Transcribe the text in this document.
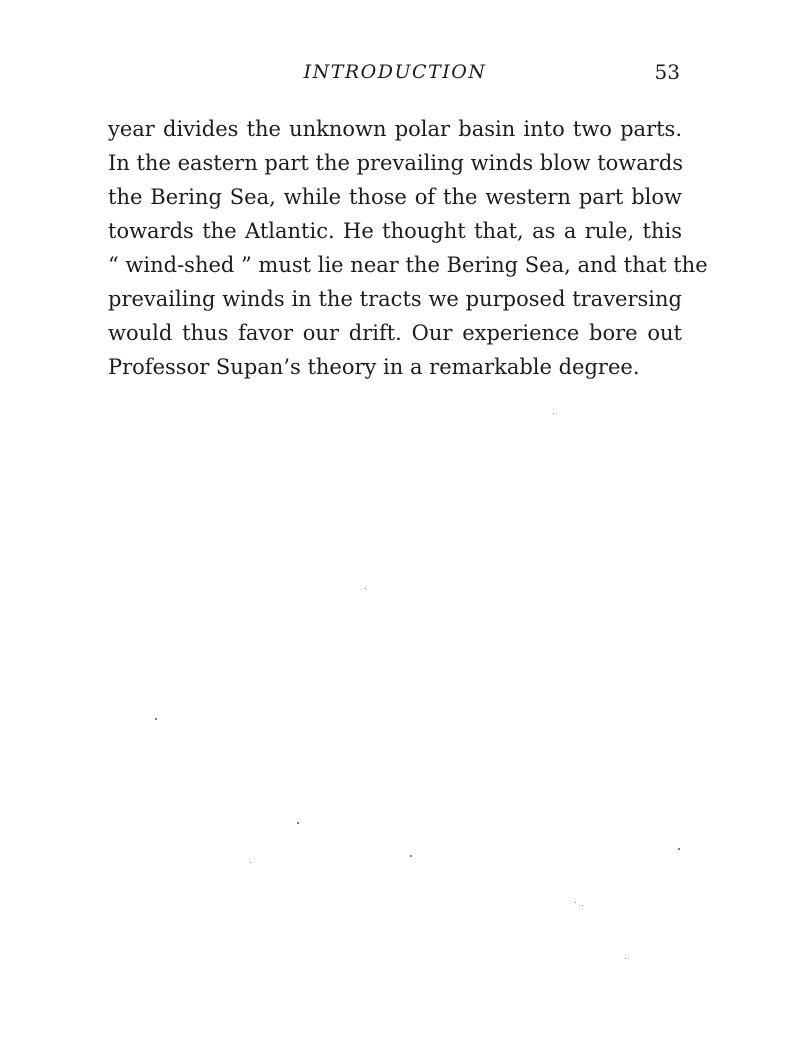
INTRODUCTION	53
year divides the unknown polar basin into two parts.
In the eastern part the prevailing winds blow towards
the Bering Sea, while those of the western part blow
towards the Atlantic. He thought that, as a rule, this
“ wind-shed ” must lie near the Bering Sea, and that the
prevailing winds in the tracts we purposed traversing
would thus favor our drift. Our experience bore out
Professor Supan’s theory in a remarkable degree.
